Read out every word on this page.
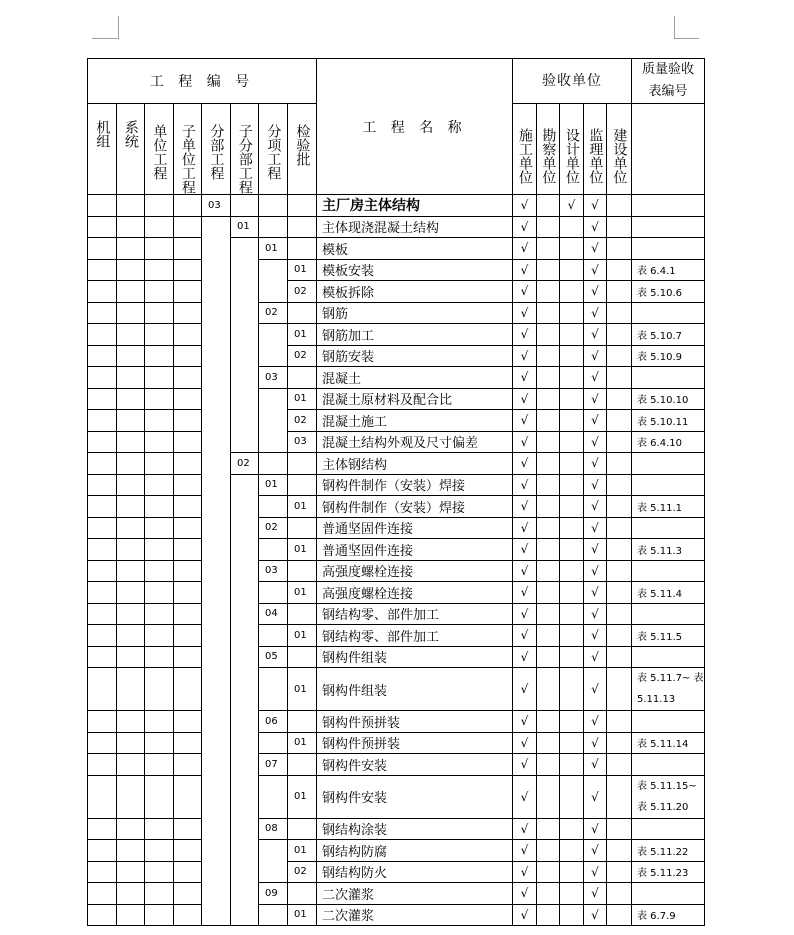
工 程 编 号								工 程 名 称	验收单位					质量验收表编号

机组	系统	单位工程	子单位工程	分部工程	子分部工程	分项工程	检验批		施工单位	勘察单位	设计单位	监理单位	建设单位	

				03				主厂房主体结构	√		√	√		
					01			主体现浇混凝土结构	√			√		
						01		模板	√			√		
							01	模板安装	√			√		表 6.4.1
							02	模板拆除	√			√		表 5.10.6
						02		钢筋	√			√		
							01	钢筋加工	√			√		表 5.10.7
							02	钢筋安装	√			√		表 5.10.9
						03		混凝土	√			√		
							01	混凝土原材料及配合比	√			√		表 5.10.10
							02	混凝土施工	√			√		表 5.10.11
							03	混凝土结构外观及尺寸偏差	√			√		表 6.4.10
					02			主体钢结构	√			√		
						01		钢构件制作（安装）焊接	√			√		
							01	钢构件制作（安装）焊接	√			√		表 5.11.1
						02		普通坚固件连接	√			√		
							01	普通坚固件连接	√			√		表 5.11.3
						03		高强度螺栓连接	√			√		
							01	高强度螺栓连接	√			√		表 5.11.4
						04		钢结构零、部件加工	√			√		
							01	钢结构零、部件加工	√			√		表 5.11.5
						05		钢构件组装	√			√		
							01	钢构件组装	√			√		表 5.11.7~ 表 5.11.13
						06		钢构件预拼装	√			√		
							01	钢构件预拼装	√			√		表 5.11.14
						07		钢构件安装	√			√		
							01	钢构件安装	√			√		表 5.11.15~ 表 5.11.20
						08		钢结构涂装	√			√		
							01	钢结构防腐	√			√		表 5.11.22
							02	钢结构防火	√			√		表 5.11.23
						09		二次灌浆	√			√		
							01	二次灌浆	√			√		表 6.7.9
